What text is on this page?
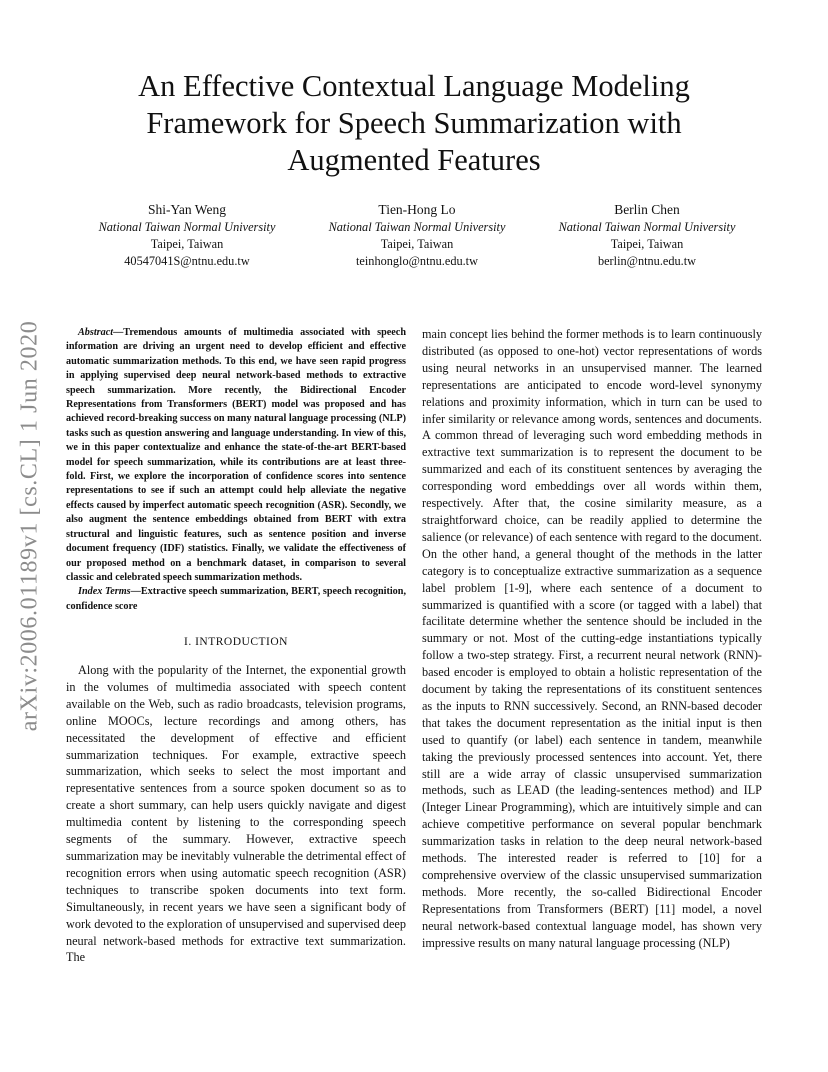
arXiv:2006.01189v1 [cs.CL] 1 Jun 2020
An Effective Contextual Language Modeling Framework for Speech Summarization with Augmented Features
Shi-Yan Weng
National Taiwan Normal University
Taipei, Taiwan
40547041S@ntnu.edu.tw
Tien-Hong Lo
National Taiwan Normal University
Taipei, Taiwan
teinhonglo@ntnu.edu.tw
Berlin Chen
National Taiwan Normal University
Taipei, Taiwan
berlin@ntnu.edu.tw

Abstract—Tremendous amounts of multimedia associated with speech information are driving an urgent need to develop efficient and effective automatic summarization methods. To this end, we have seen rapid progress in applying supervised deep neural network-based methods to extractive speech summarization. More recently, the Bidirectional Encoder Representations from Transformers (BERT) model was proposed and has achieved record-breaking success on many natural language processing (NLP) tasks such as question answering and language understanding. In view of this, we in this paper contextualize and enhance the state-of-the-art BERT-based model for speech summarization, while its contributions are at least three-fold. First, we explore the incorporation of confidence scores into sentence representations to see if such an attempt could help alleviate the negative effects caused by imperfect automatic speech recognition (ASR). Secondly, we also augment the sentence embeddings obtained from BERT with extra structural and linguistic features, such as sentence position and inverse document frequency (IDF) statistics. Finally, we validate the effectiveness of our proposed method on a benchmark dataset, in comparison to several classic and celebrated speech summarization methods.

Index Terms—Extractive speech summarization, BERT, speech recognition, confidence score

I. INTRODUCTION

Along with the popularity of the Internet, the exponential growth in the volumes of multimedia associated with speech content available on the Web, such as radio broadcasts, television programs, online MOOCs, lecture recordings and among others, has necessitated the development of effective and efficient summarization techniques. For example, extractive speech summarization, which seeks to select the most important and representative sentences from a source spoken document so as to create a short summary, can help users quickly navigate and digest multimedia content by listening to the corresponding speech segments of the summary. However, extractive speech summarization may be inevitably vulnerable the detrimental effect of recognition errors when using automatic speech recognition (ASR) techniques to transcribe spoken documents into text form. Simultaneously, in recent years we have seen a significant body of work devoted to the exploration of unsupervised and supervised deep neural network-based methods for extractive text summarization. The

main concept lies behind the former methods is to learn continuously distributed (as opposed to one-hot) vector representations of words using neural networks in an unsupervised manner. The learned representations are anticipated to encode word-level synonymy relations and proximity information, which in turn can be used to infer similarity or relevance among words, sentences and documents. A common thread of leveraging such word embedding methods in extractive text summarization is to represent the document to be summarized and each of its constituent sentences by averaging the corresponding word embeddings over all words within them, respectively. After that, the cosine similarity measure, as a straightforward choice, can be readily applied to determine the salience (or relevance) of each sentence with regard to the document. On the other hand, a general thought of the methods in the latter category is to conceptualize extractive summarization as a sequence label problem [1-9], where each sentence of a document to summarized is quantified with a score (or tagged with a label) that facilitate determine whether the sentence should be included in the summary or not. Most of the cutting-edge instantiations typically follow a two-step strategy. First, a recurrent neural network (RNN)-based encoder is employed to obtain a holistic representation of the document by taking the representations of its constituent sentences as the inputs to RNN successively. Second, an RNN-based decoder that takes the document representation as the initial input is then used to quantify (or label) each sentence in tandem, meanwhile taking the previously processed sentences into account. Yet, there still are a wide array of classic unsupervised summarization methods, such as LEAD (the leading-sentences method) and ILP (Integer Linear Programming), which are intuitively simple and can achieve competitive performance on several popular benchmark summarization tasks in relation to the deep neural network-based methods. The interested reader is referred to [10] for a comprehensive overview of the classic unsupervised summarization methods. More recently, the so-called Bidirectional Encoder Representations from Transformers (BERT) [11] model, a novel neural network-based contextual language model, has shown very impressive results on many natural language processing (NLP)
